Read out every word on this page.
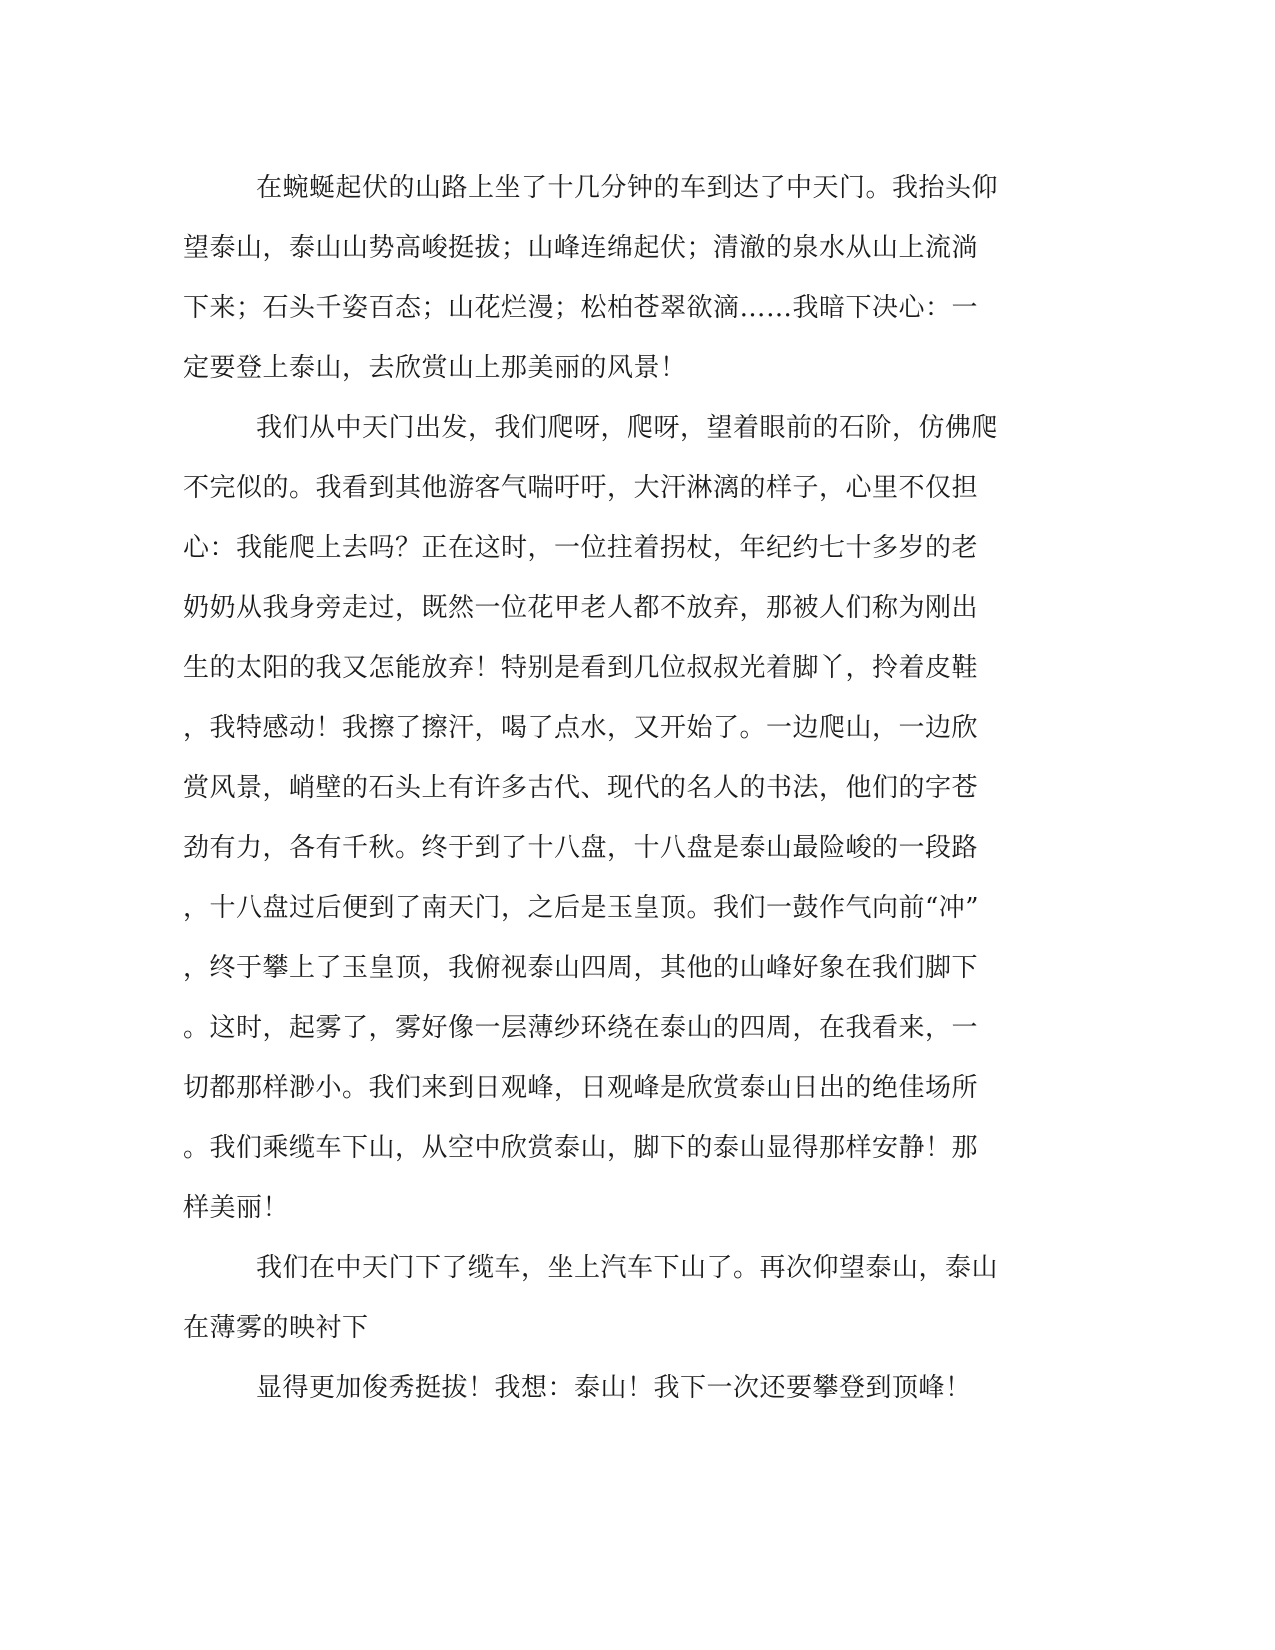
在蜿蜒起伏的山路上坐了十几分钟的车到达了中天门。我抬头仰
望泰山，泰山山势高峻挺拔；山峰连绵起伏；清澈的泉水从山上流淌
下来；石头千姿百态；山花烂漫；松柏苍翠欲滴……我暗下决心：一
定要登上泰山，去欣赏山上那美丽的风景！
我们从中天门出发，我们爬呀，爬呀，望着眼前的石阶，仿佛爬
不完似的。我看到其他游客气喘吁吁，大汗淋漓的样子，心里不仅担
心：我能爬上去吗？正在这时，一位拄着拐杖，年纪约七十多岁的老
奶奶从我身旁走过，既然一位花甲老人都不放弃，那被人们称为刚出
生的太阳的我又怎能放弃！特别是看到几位叔叔光着脚丫，拎着皮鞋
，我特感动！我擦了擦汗，喝了点水，又开始了。一边爬山，一边欣
赏风景，峭壁的石头上有许多古代、现代的名人的书法，他们的字苍
劲有力，各有千秋。终于到了十八盘，十八盘是泰山最险峻的一段路
，十八盘过后便到了南天门，之后是玉皇顶。我们一鼓作气向前“冲”
，终于攀上了玉皇顶，我俯视泰山四周，其他的山峰好象在我们脚下
。这时，起雾了，雾好像一层薄纱环绕在泰山的四周，在我看来，一
切都那样渺小。我们来到日观峰，日观峰是欣赏泰山日出的绝佳场所
。我们乘缆车下山，从空中欣赏泰山，脚下的泰山显得那样安静！那
样美丽！
我们在中天门下了缆车，坐上汽车下山了。再次仰望泰山，泰山
在薄雾的映衬下
显得更加俊秀挺拔！我想：泰山！我下一次还要攀登到顶峰！
